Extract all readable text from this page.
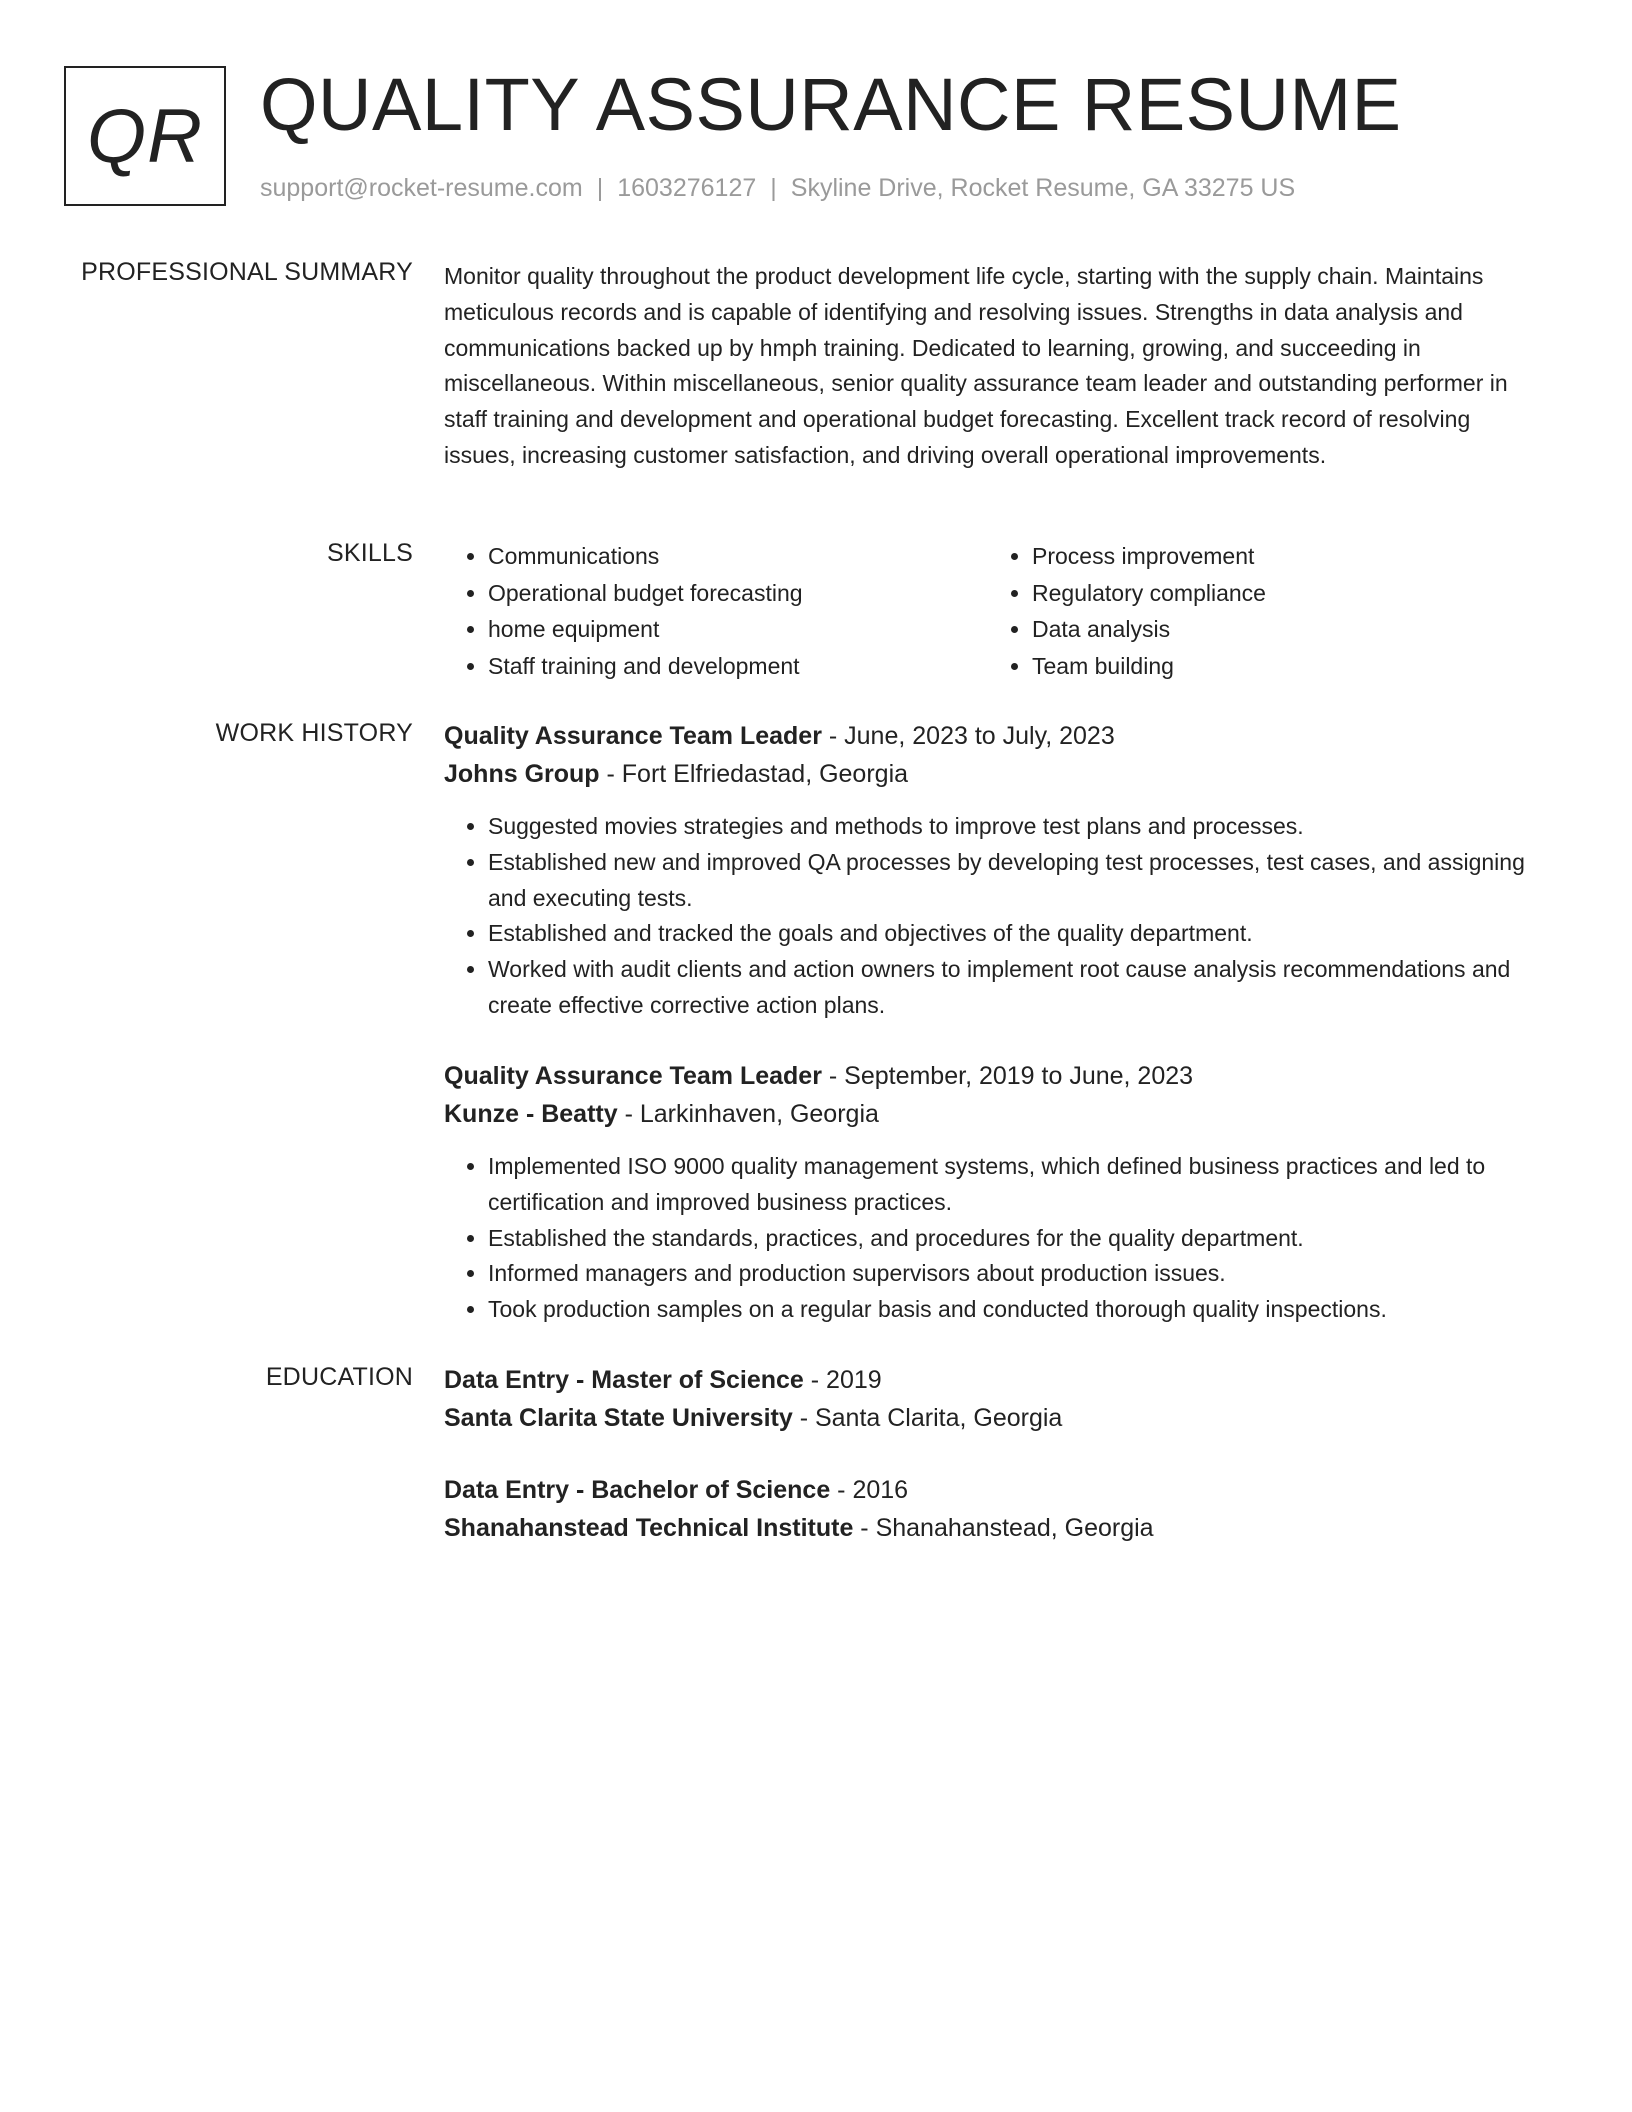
QR QUALITY ASSURANCE RESUME
support@rocket-resume.com | 1603276127 | Skyline Drive, Rocket Resume, GA 33275 US
PROFESSIONAL SUMMARY Monitor quality throughout the product development life cycle, starting with the supply chain. Maintains meticulous records and is capable of identifying and resolving issues. Strengths in data analysis and communications backed up by hmph training. Dedicated to learning, growing, and succeeding in miscellaneous. Within miscellaneous, senior quality assurance team leader and outstanding performer in staff training and development and operational budget forecasting. Excellent track record of resolving issues, increasing customer satisfaction, and driving overall operational improvements.

SKILLS
•	Communications
• Operational budget forecasting
• home equipment
• Staff training and development
• Process improvement
• Regulatory compliance
• Data analysis
• Team building
WORK HISTORY Quality Assurance Team Leader - June, 2023 to July, 2023
Johns Group - Fort Elfriedastad, Georgia
• Suggested movies strategies and methods to improve test plans and processes.
• Established new and improved QA processes by developing test processes, test cases, and assigning and executing tests.
• Established and tracked the goals and objectives of the quality department.
• Worked with audit clients and action owners to implement root cause analysis recommendations and create effective corrective action plans.
Quality Assurance Team Leader - September, 2019 to June, 2023
Kunze - Beatty - Larkinhaven, Georgia
• Implemented ISO 9000 quality management systems, which defined business practices and led to certification and improved business practices.
• Established the standards, practices, and procedures for the quality department.
• Informed managers and production supervisors about production issues.
• Took production samples on a regular basis and conducted thorough quality inspections.
EDUCATION Data Entry - Master of Science - 2019
Santa Clarita State University - Santa Clarita, Georgia
Data Entry - Bachelor of Science - 2016
Shanahanstead Technical Institute - Shanahanstead, Georgia
